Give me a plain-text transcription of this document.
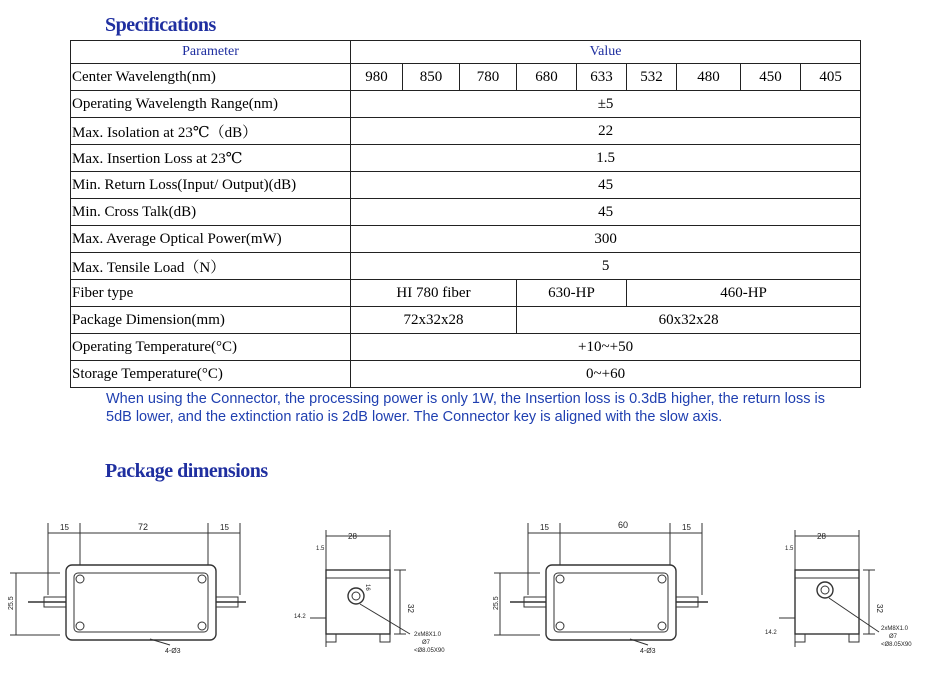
Specifications
Parameter	Value								
Center Wavelength(nm)	980	850	780	680	633	532	480	450	405
Operating Wavelength Range(nm)	±5								
Max. Isolation at 23℃（dB）	22								
Max. Insertion Loss at 23℃	1.5								
Min. Return Loss(Input/ Output)(dB)	45								
Min. Cross Talk(dB)	45								
Max. Average Optical Power(mW)	300								
Max. Tensile Load（N）	5								
Fiber type	HI 780 fiber			630-HP		460-HP			
Package Dimension(mm)	72x32x28			60x32x28					
Operating Temperature(°C)	+10~+50								
Storage Temperature(°C)	0~+60								
When using the Connector, the processing power is only 1W, the Insertion loss is 0.3dB higher, the return loss is 5dB lower, and the extinction ratio is 2dB lower. The Connector key is aligned with the slow axis.
Package dimensions
15	72	15
25.5
4-Ø3
28
1.5
32
16
14.2
2xM8X1.0
Ø7
<Ø8.05X90
15	60	15
25.5
4-Ø3
28
1.5
32
14.2
2xM8X1.0
Ø7
<Ø8.05X90
